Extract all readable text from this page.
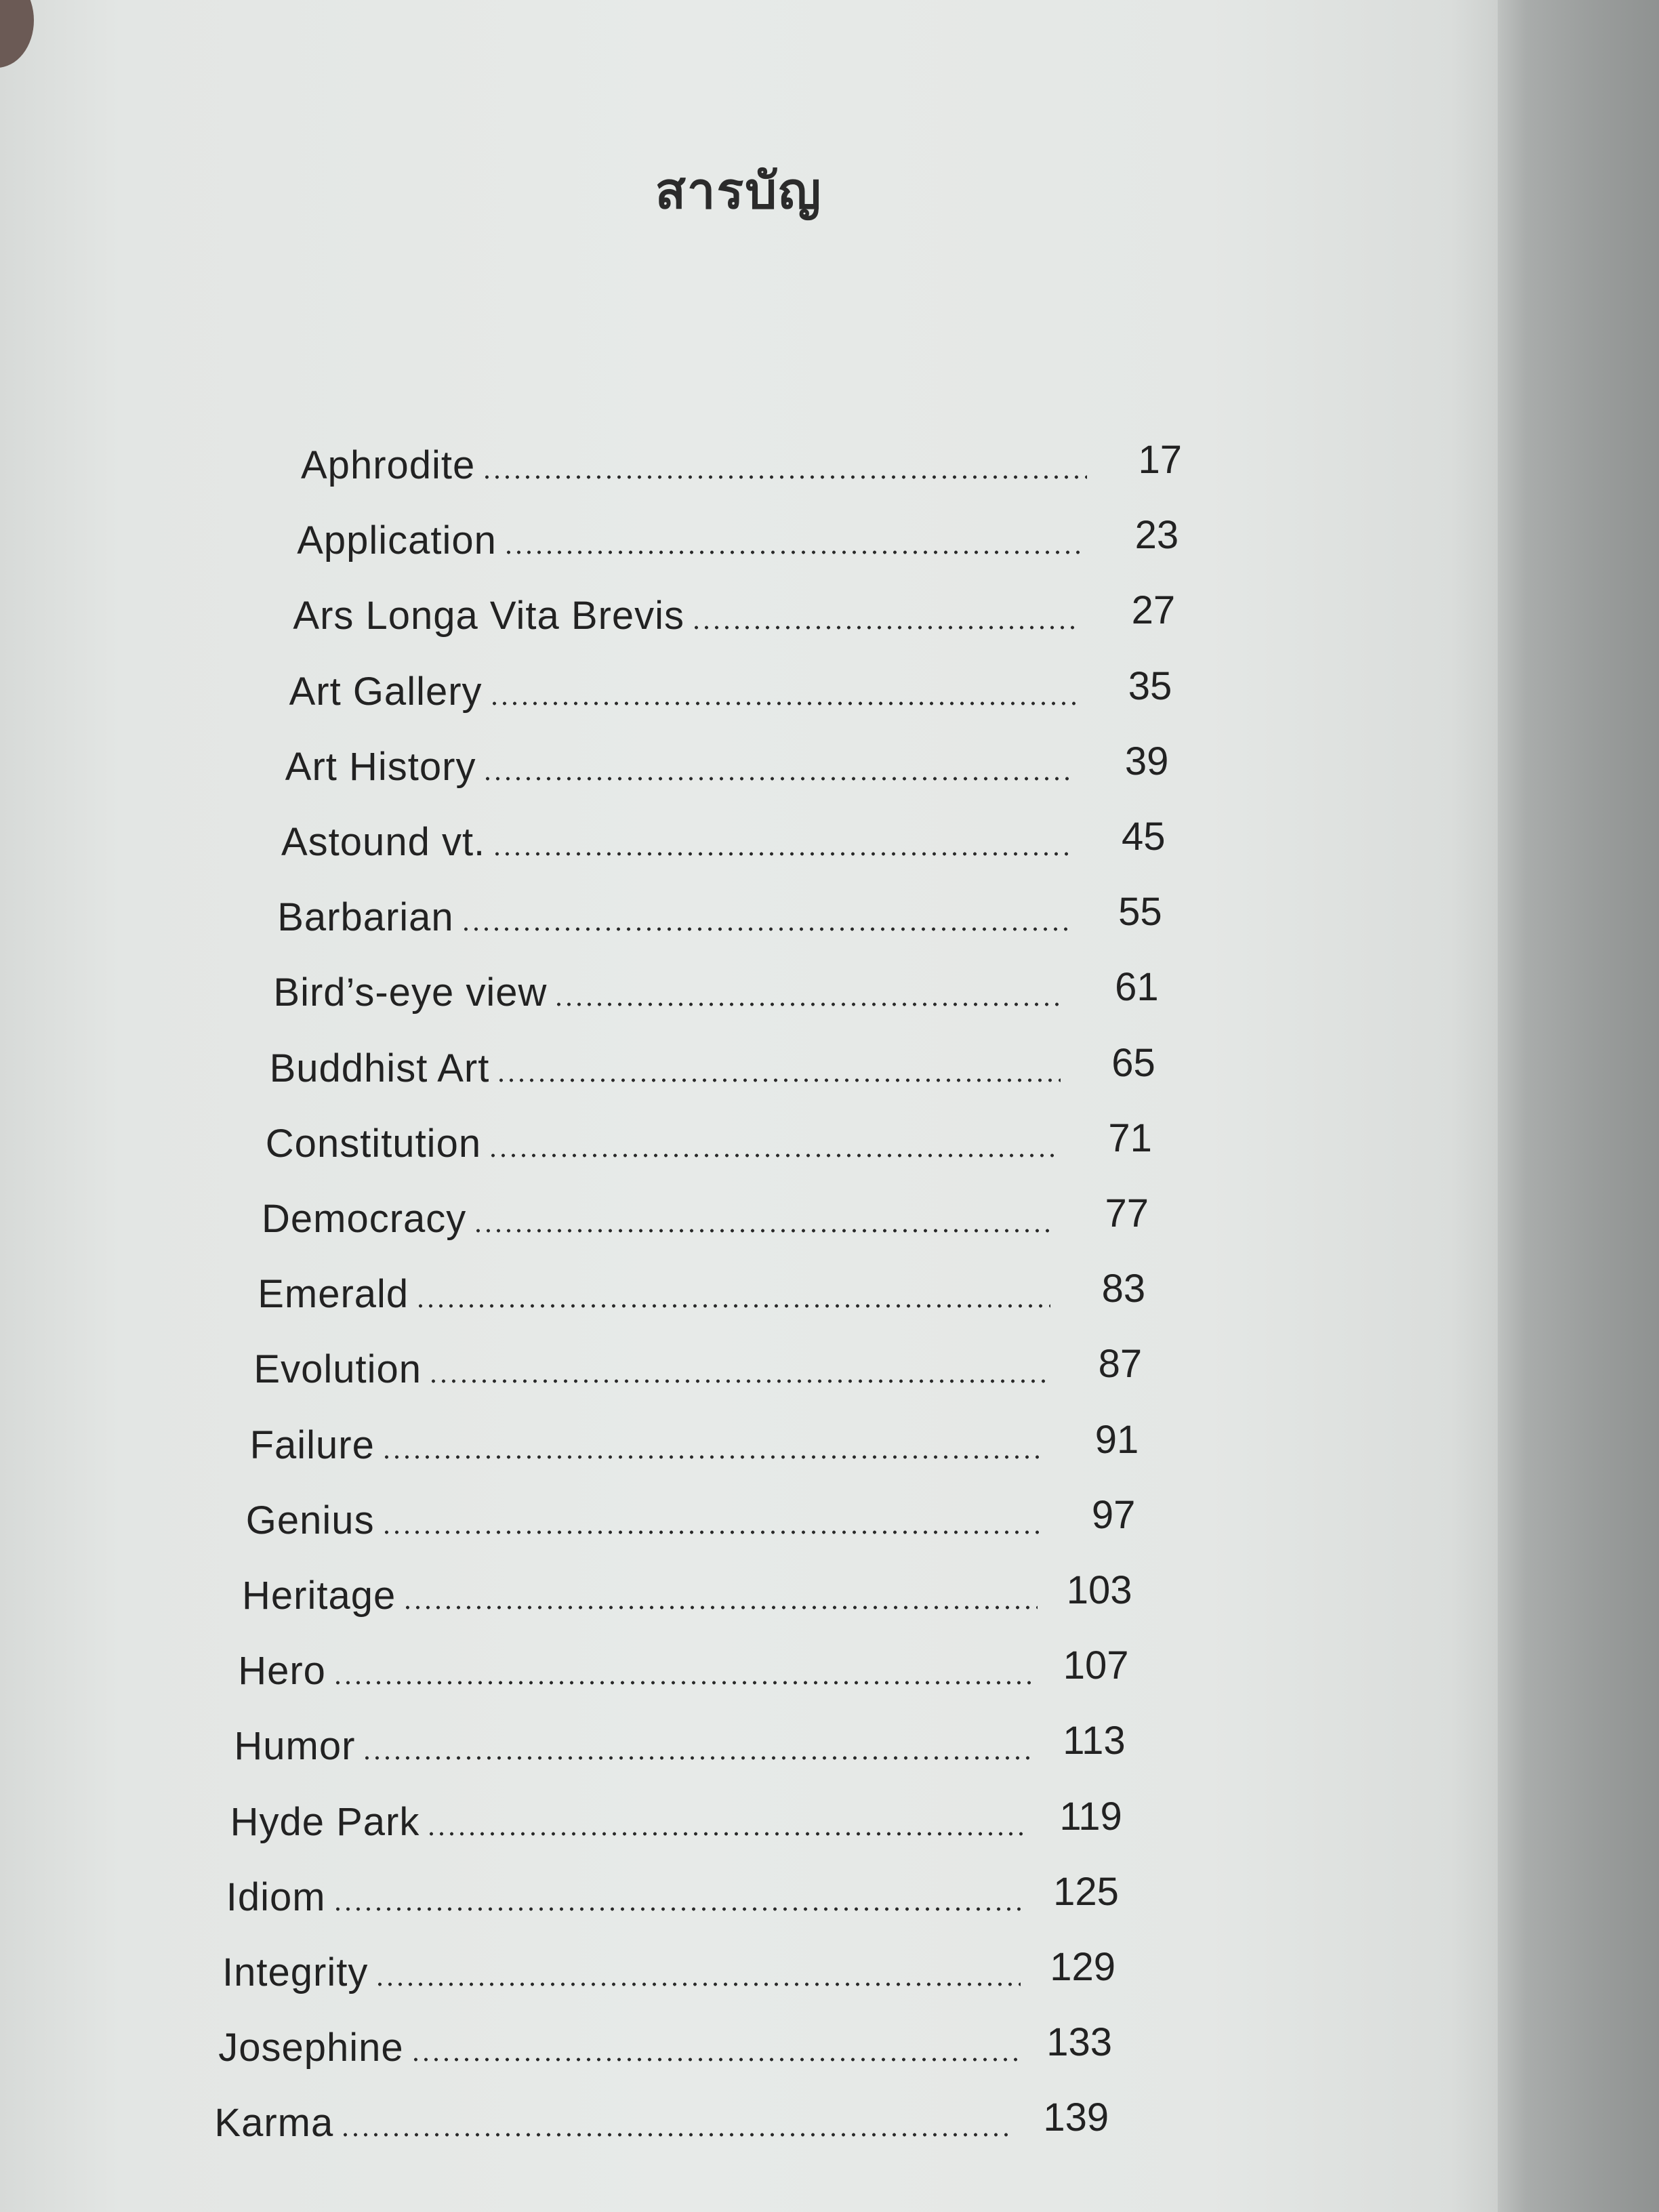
สารบัญ
Aphrodite	17
Application	23
Ars Longa Vita Brevis	27
Art Gallery	35
Art History	39
Astound vt.	45
Barbarian	55
Bird’s-eye view	61
Buddhist Art	65
Constitution	71
Democracy	77
Emerald	83
Evolution	87
Failure	91
Genius	97
Heritage	103
Hero	107
Humor	113
Hyde Park	119
Idiom	125
Integrity	129
Josephine	133
Karma	139
